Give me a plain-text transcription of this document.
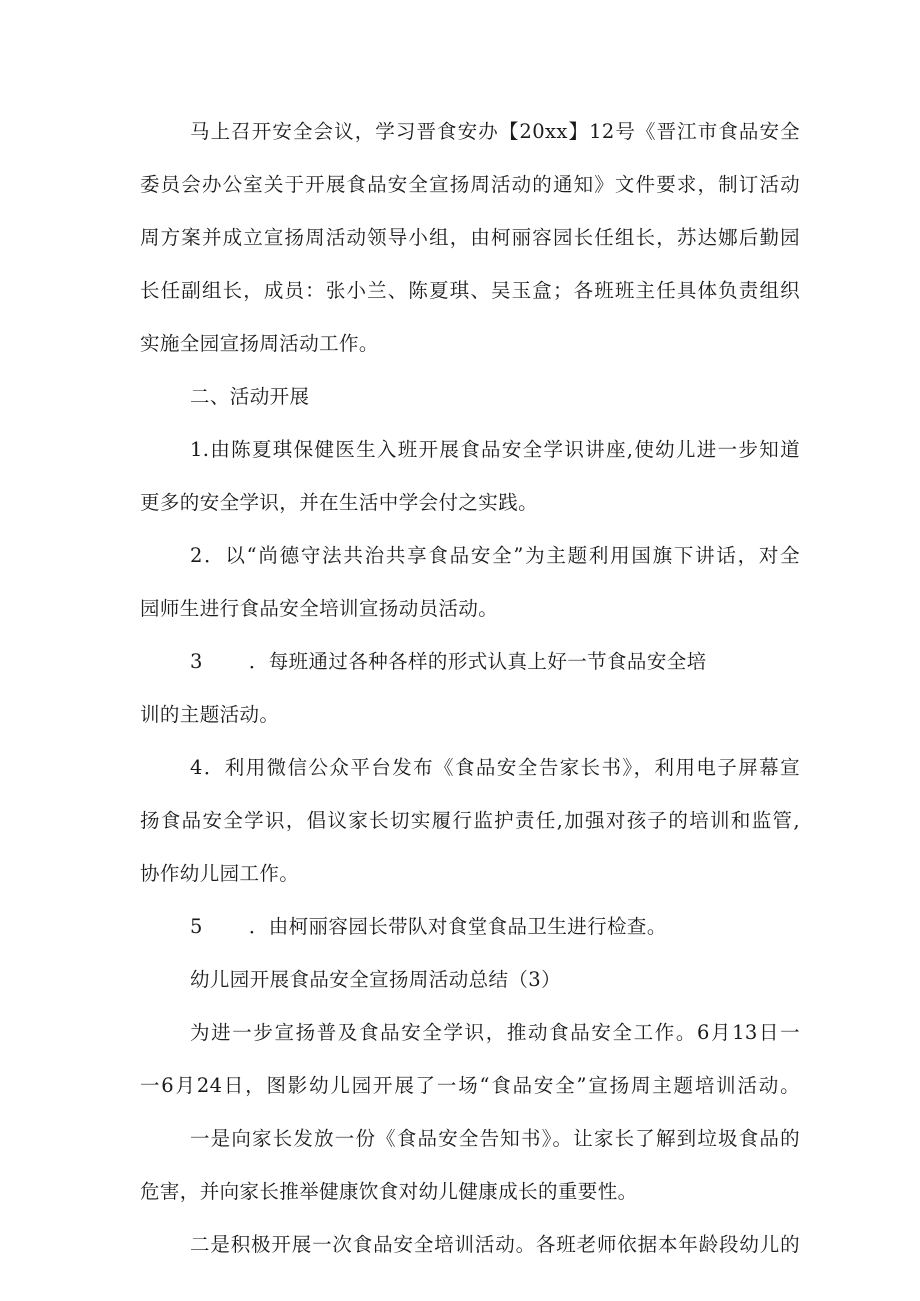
马上召开安全会议，学习晋食安办【20xx】12号《晋江市食品安全
委员会办公室关于开展食品安全宣扬周活动的通知》文件要求，制订活动
周方案并成立宣扬周活动领导小组，由柯丽容园长任组长，苏达娜后勤园
长任副组长，成员：张小兰、陈夏琪、吴玉盒；各班班主任具体负责组织
实施全园宣扬周活动工作。
二、活动开展
1.由陈夏琪保健医生入班开展食品安全学识讲座,使幼儿进一步知道
更多的安全学识，并在生活中学会付之实践。
2．以“尚德守法共治共享食品安全”为主题利用国旗下讲话，对全
园师生进行食品安全培训宣扬动员活动。
3 ．每班通过各种各样的形式认真上好一节食品安全培
训的主题活动。
4．利用微信公众平台发布《食品安全告家长书》，利用电子屏幕宣
扬食品安全学识，倡议家长切实履行监护责任,加强对孩子的培训和监管,
协作幼儿园工作。
5 ．由柯丽容园长带队对食堂食品卫生进行检查。
幼儿园开展食品安全宣扬周活动总结（3）
为进一步宣扬普及食品安全学识，推动食品安全工作。6月13日一
一6月24日，图影幼儿园开展了一场“食品安全”宣扬周主题培训活动。
一是向家长发放一份《食品安全告知书》。让家长了解到垃圾食品的
危害，并向家长推举健康饮食对幼儿健康成长的重要性。
二是积极开展一次食品安全培训活动。各班老师依据本年龄段幼儿的
